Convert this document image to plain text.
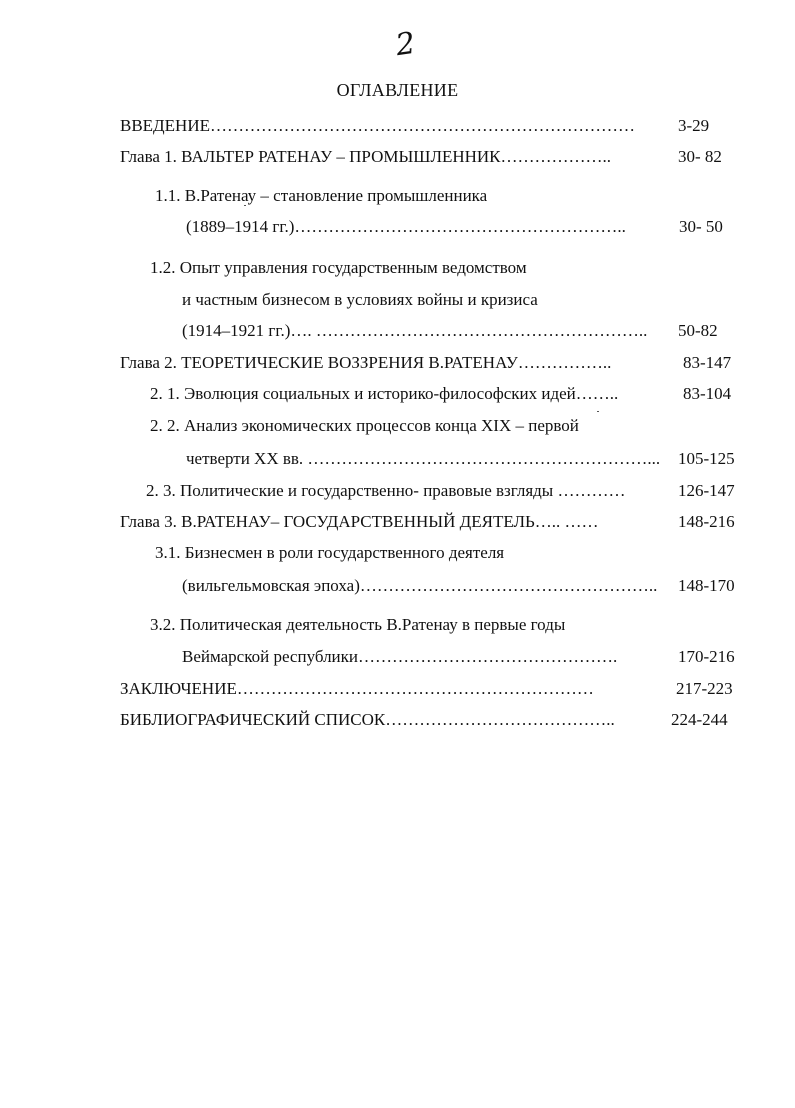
2
ОГЛАВЛЕНИЕ
ВВЕДЕНИЕ…………………………………………………………………	3-29
Глава 1. ВАЛЬТЕР РАТЕНАУ – ПРОМЫШЛЕННИК………………..	30- 82
1.1. В.Ратенау – становление промышленника
(1889–1914 гг.)…………………………………………………..	30- 50
1.2. Опыт управления государственным ведомством
и частным бизнесом в условиях войны и кризиса
(1914–1921 гг.)…. ………………………………………………….. 50-82
Глава 2. ТЕОРЕТИЧЕСКИЕ ВОЗЗРЕНИЯ В.РАТЕНАУ……………..	83-147
2. 1. Эволюция социальных и историко-философских идей……..	83-104
2. 2. Анализ экономических процессов конца XIX – первой
четверти XX вв. ……………………………………………………... 105-125
2. 3. Политические и государственно- правовые взгляды …………	126-147
Глава 3. В.РАТЕНАУ– ГОСУДАРСТВЕННЫЙ ДЕЯТЕЛЬ….. ……	148-216
3.1. Бизнесмен в роли государственного деятеля
(вильгельмовская эпоха)…………………………………………….. 148-170
3.2. Политическая деятельность В.Ратенау в первые годы
Веймарской республики……………………………………….	170-216
ЗАКЛЮЧЕНИЕ………………………………………………………	217-223
БИБЛИОГРАФИЧЕСКИЙ СПИСОК…………………………………..	224-244
